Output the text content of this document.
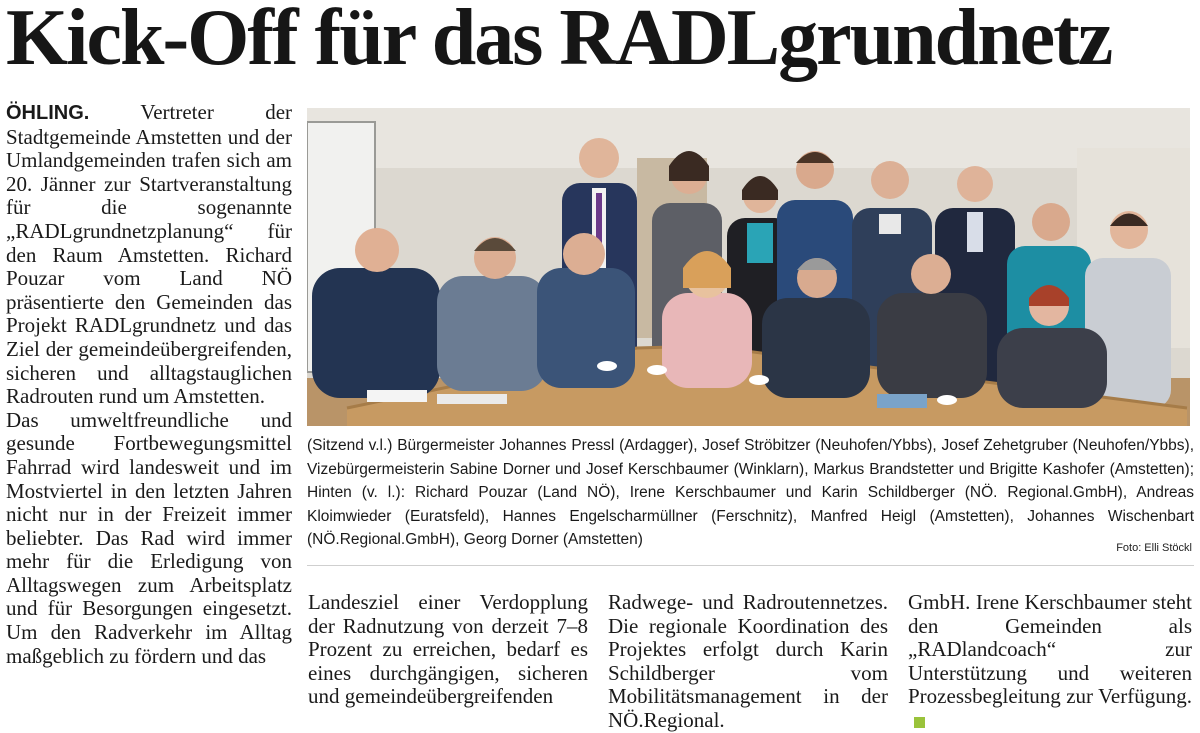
Kick-Off für das RADLgrundnetz

ÖHLING. Vertreter der Stadtgemeinde Amstetten und der Umlandgemeinden trafen sich am 20. Jänner zur Startveranstaltung für die sogenannte „RADLgrundnetzplanung“ für den Raum Amstetten. Richard Pouzar vom Land NÖ präsentierte den Gemeinden das Projekt RADLgrundnetz und das Ziel der gemeindeübergreifenden, sicheren und alltagstauglichen Radrouten rund um Amstetten.

Das umweltfreundliche und gesunde Fortbewegungsmittel Fahrrad wird landesweit und im Mostviertel in den letzten Jahren nicht nur in der Freizeit immer beliebter. Das Rad wird immer mehr für die Erledigung von Alltagswegen zum Arbeitsplatz und für Besorgungen eingesetzt. Um den Radverkehr im Alltag maßgeblich zu fördern und das

(Sitzend v.l.) Bürgermeister Johannes Pressl (Ardagger), Josef Ströbitzer (Neuhofen/Ybbs), Josef Zehetgruber (Neuhofen/Ybbs), Vizebürgermeisterin Sabine Dorner und Josef Kerschbaumer (Winklarn), Markus Brandstetter und Brigitte Kashofer (Amstetten); Hinten (v. l.): Richard Pouzar (Land NÖ), Irene Kerschbaumer und Karin Schildberger (NÖ. Regional.GmbH), Andreas Kloimwieder (Euratsfeld), Hannes Engelscharmüllner (Ferschnitz), Manfred Heigl (Amstetten), Johannes Wischenbart (NÖ.Regional.GmbH), Georg Dorner (Amstetten)	Foto: Elli Stöckl

Landesziel einer Verdopplung der Radnutzung von derzeit 7–8 Prozent zu erreichen, bedarf es eines durchgängigen, sicheren und gemeindeübergreifenden

Radwege- und Radroutennetzes. Die regionale Koordination des Projektes erfolgt durch Karin Schildberger vom Mobilitätsmanagement in der NÖ.Regional.

GmbH. Irene Kerschbaumer steht den Gemeinden als „RADlandcoach“ zur Unterstützung und weiteren Prozessbegleitung zur Verfügung.
